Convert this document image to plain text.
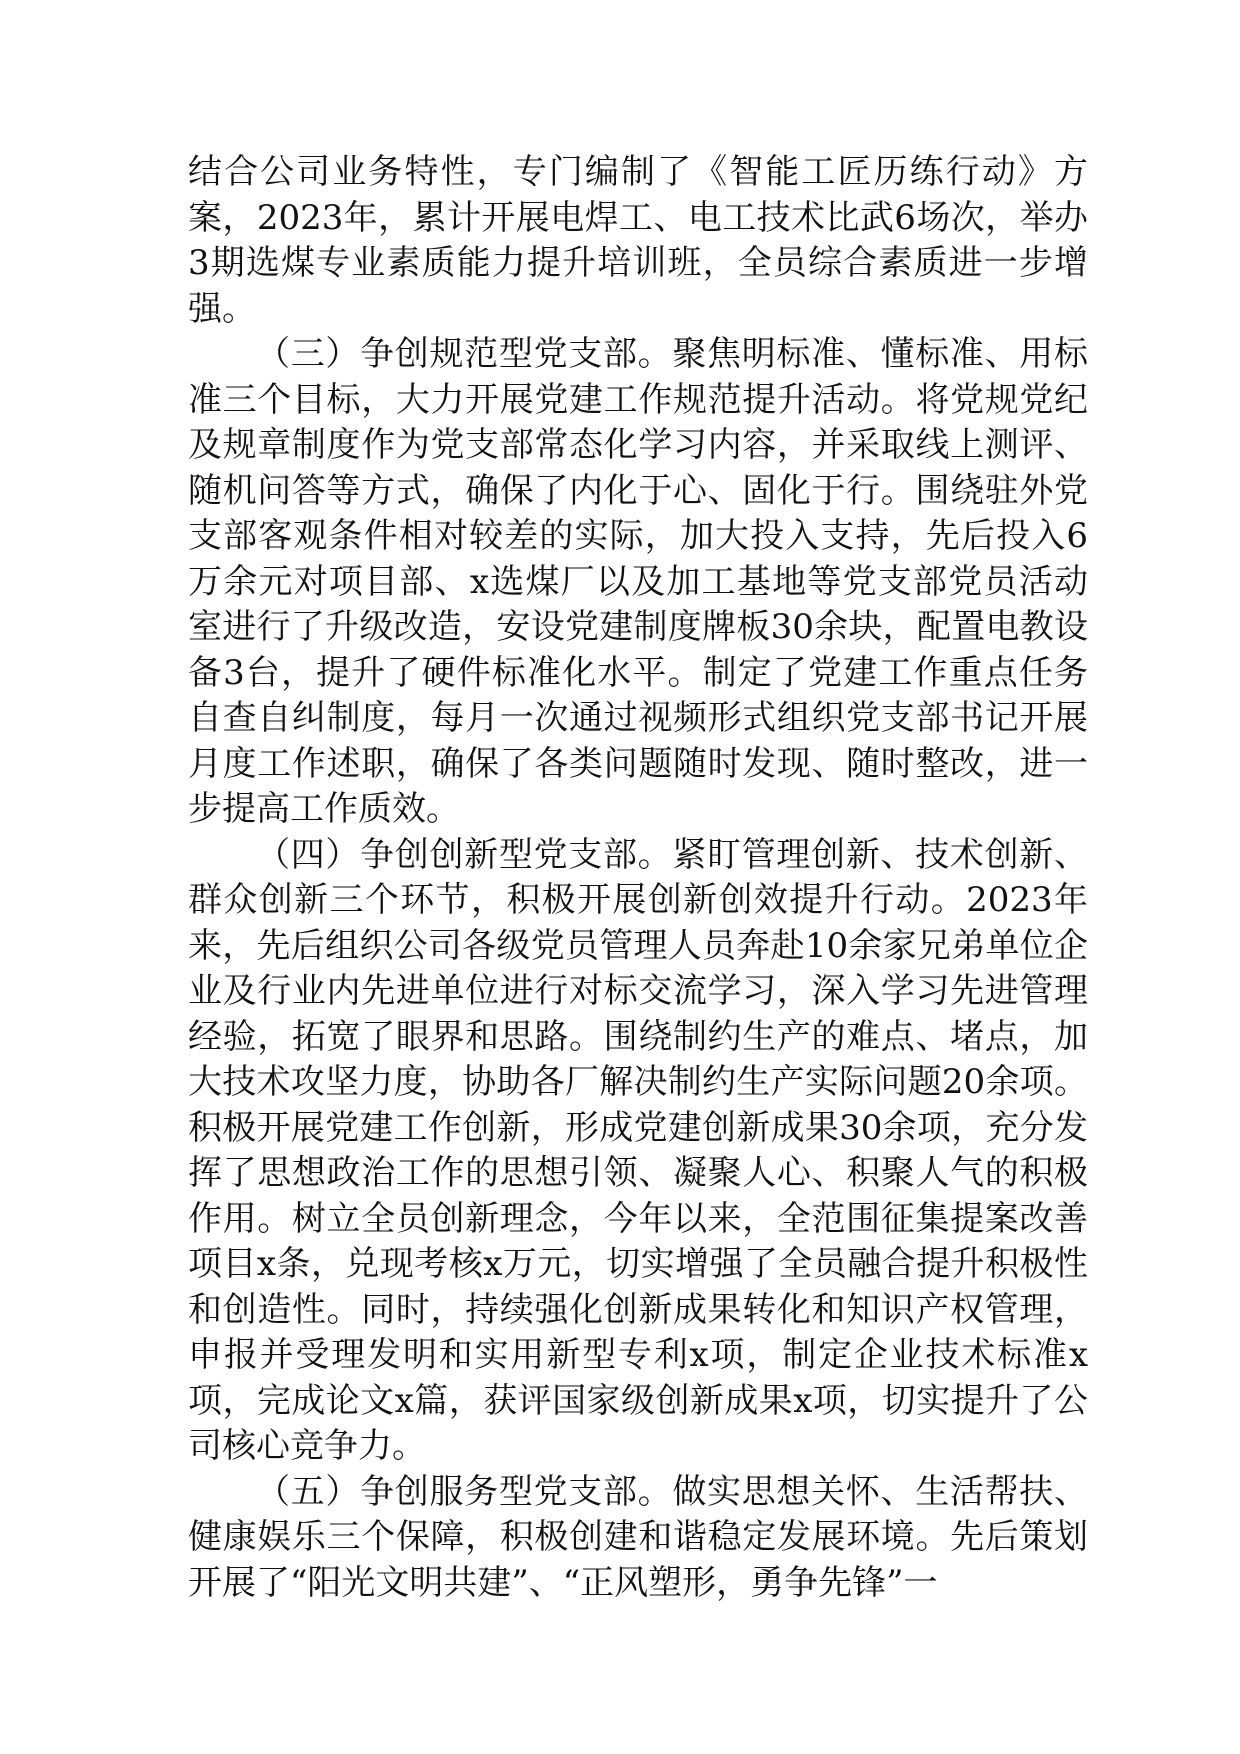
结合公司业务特性，专门编制了《智能工匠历练行动》方案，2023年，累计开展电焊工、电工技术比武6场次，举办3期选煤专业素质能力提升培训班，全员综合素质进一步增强。

（三）争创规范型党支部。聚焦明标准、懂标准、用标准三个目标，大力开展党建工作规范提升活动。将党规党纪及规章制度作为党支部常态化学习内容，并采取线上测评、随机问答等方式，确保了内化于心、固化于行。围绕驻外党支部客观条件相对较差的实际，加大投入支持，先后投入6万余元对项目部、x选煤厂以及加工基地等党支部党员活动室进行了升级改造，安设党建制度牌板30余块，配置电教设备3台，提升了硬件标准化水平。制定了党建工作重点任务自查自纠制度，每月一次通过视频形式组织党支部书记开展月度工作述职，确保了各类问题随时发现、随时整改，进一步提高工作质效。

（四）争创创新型党支部。紧盯管理创新、技术创新、群众创新三个环节，积极开展创新创效提升行动。2023年来，先后组织公司各级党员管理人员奔赴10余家兄弟单位企业及行业内先进单位进行对标交流学习，深入学习先进管理经验，拓宽了眼界和思路。围绕制约生产的难点、堵点，加大技术攻坚力度，协助各厂解决制约生产实际问题20余项。积极开展党建工作创新，形成党建创新成果30余项，充分发挥了思想政治工作的思想引领、凝聚人心、积聚人气的积极作用。树立全员创新理念，今年以来，全范围征集提案改善项目x条，兑现考核x万元，切实增强了全员融合提升积极性和创造性。同时，持续强化创新成果转化和知识产权管理，申报并受理发明和实用新型专利x项，制定企业技术标准x项，完成论文x篇，获评国家级创新成果x项，切实提升了公司核心竞争力。

（五）争创服务型党支部。做实思想关怀、生活帮扶、健康娱乐三个保障，积极创建和谐稳定发展环境。先后策划开展了“阳光文明共建”、“正风塑形，勇争先锋”一
